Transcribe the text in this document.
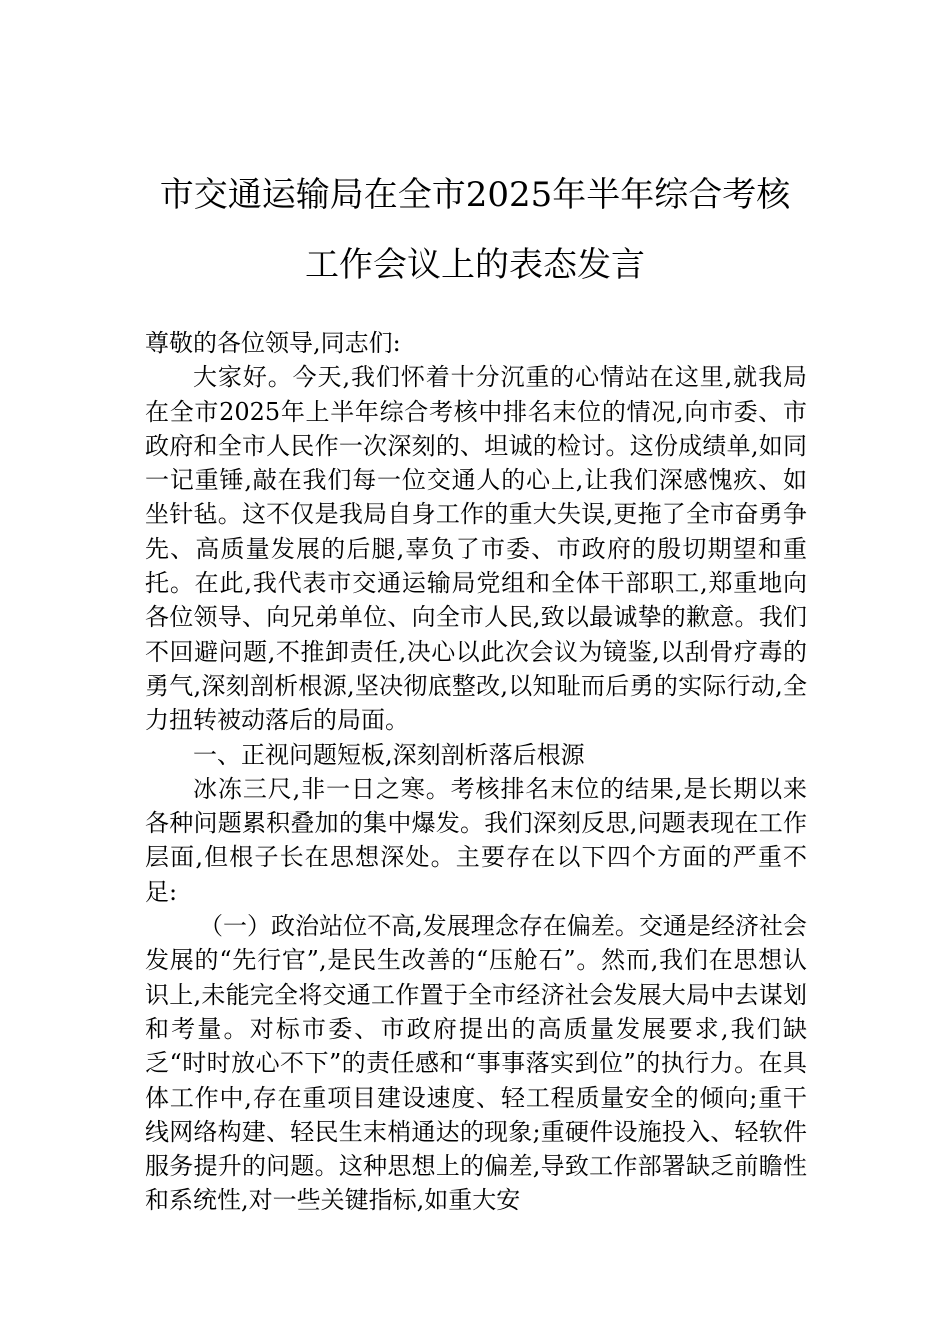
市交通运输局在全市2025年半年综合考核
工作会议上的表态发言

尊敬的各位领导,同志们:

大家好。今天,我们怀着十分沉重的心情站在这里,就我局在全市2025年上半年综合考核中排名末位的情况,向市委、市政府和全市人民作一次深刻的、坦诚的检讨。这份成绩单,如同一记重锤,敲在我们每一位交通人的心上,让我们深感愧疚、如坐针毡。这不仅是我局自身工作的重大失误,更拖了全市奋勇争先、高质量发展的后腿,辜负了市委、市政府的殷切期望和重托。在此,我代表市交通运输局党组和全体干部职工,郑重地向各位领导、向兄弟单位、向全市人民,致以最诚挚的歉意。我们不回避问题,不推卸责任,决心以此次会议为镜鉴,以刮骨疗毒的勇气,深刻剖析根源,坚决彻底整改,以知耻而后勇的实际行动,全力扭转被动落后的局面。

一、正视问题短板,深刻剖析落后根源

冰冻三尺,非一日之寒。考核排名末位的结果,是长期以来各种问题累积叠加的集中爆发。我们深刻反思,问题表现在工作层面,但根子长在思想深处。主要存在以下四个方面的严重不足:

（一）政治站位不高,发展理念存在偏差。交通是经济社会发展的“先行官”,是民生改善的“压舱石”。然而,我们在思想认识上,未能完全将交通工作置于全市经济社会发展大局中去谋划和考量。对标市委、市政府提出的高质量发展要求,我们缺乏“时时放心不下”的责任感和“事事落实到位”的执行力。在具体工作中,存在重项目建设速度、轻工程质量安全的倾向;重干线网络构建、轻民生末梢通达的现象;重硬件设施投入、轻软件服务提升的问题。这种思想上的偏差,导致工作部署缺乏前瞻性和系统性,对一些关键指标,如重大安
